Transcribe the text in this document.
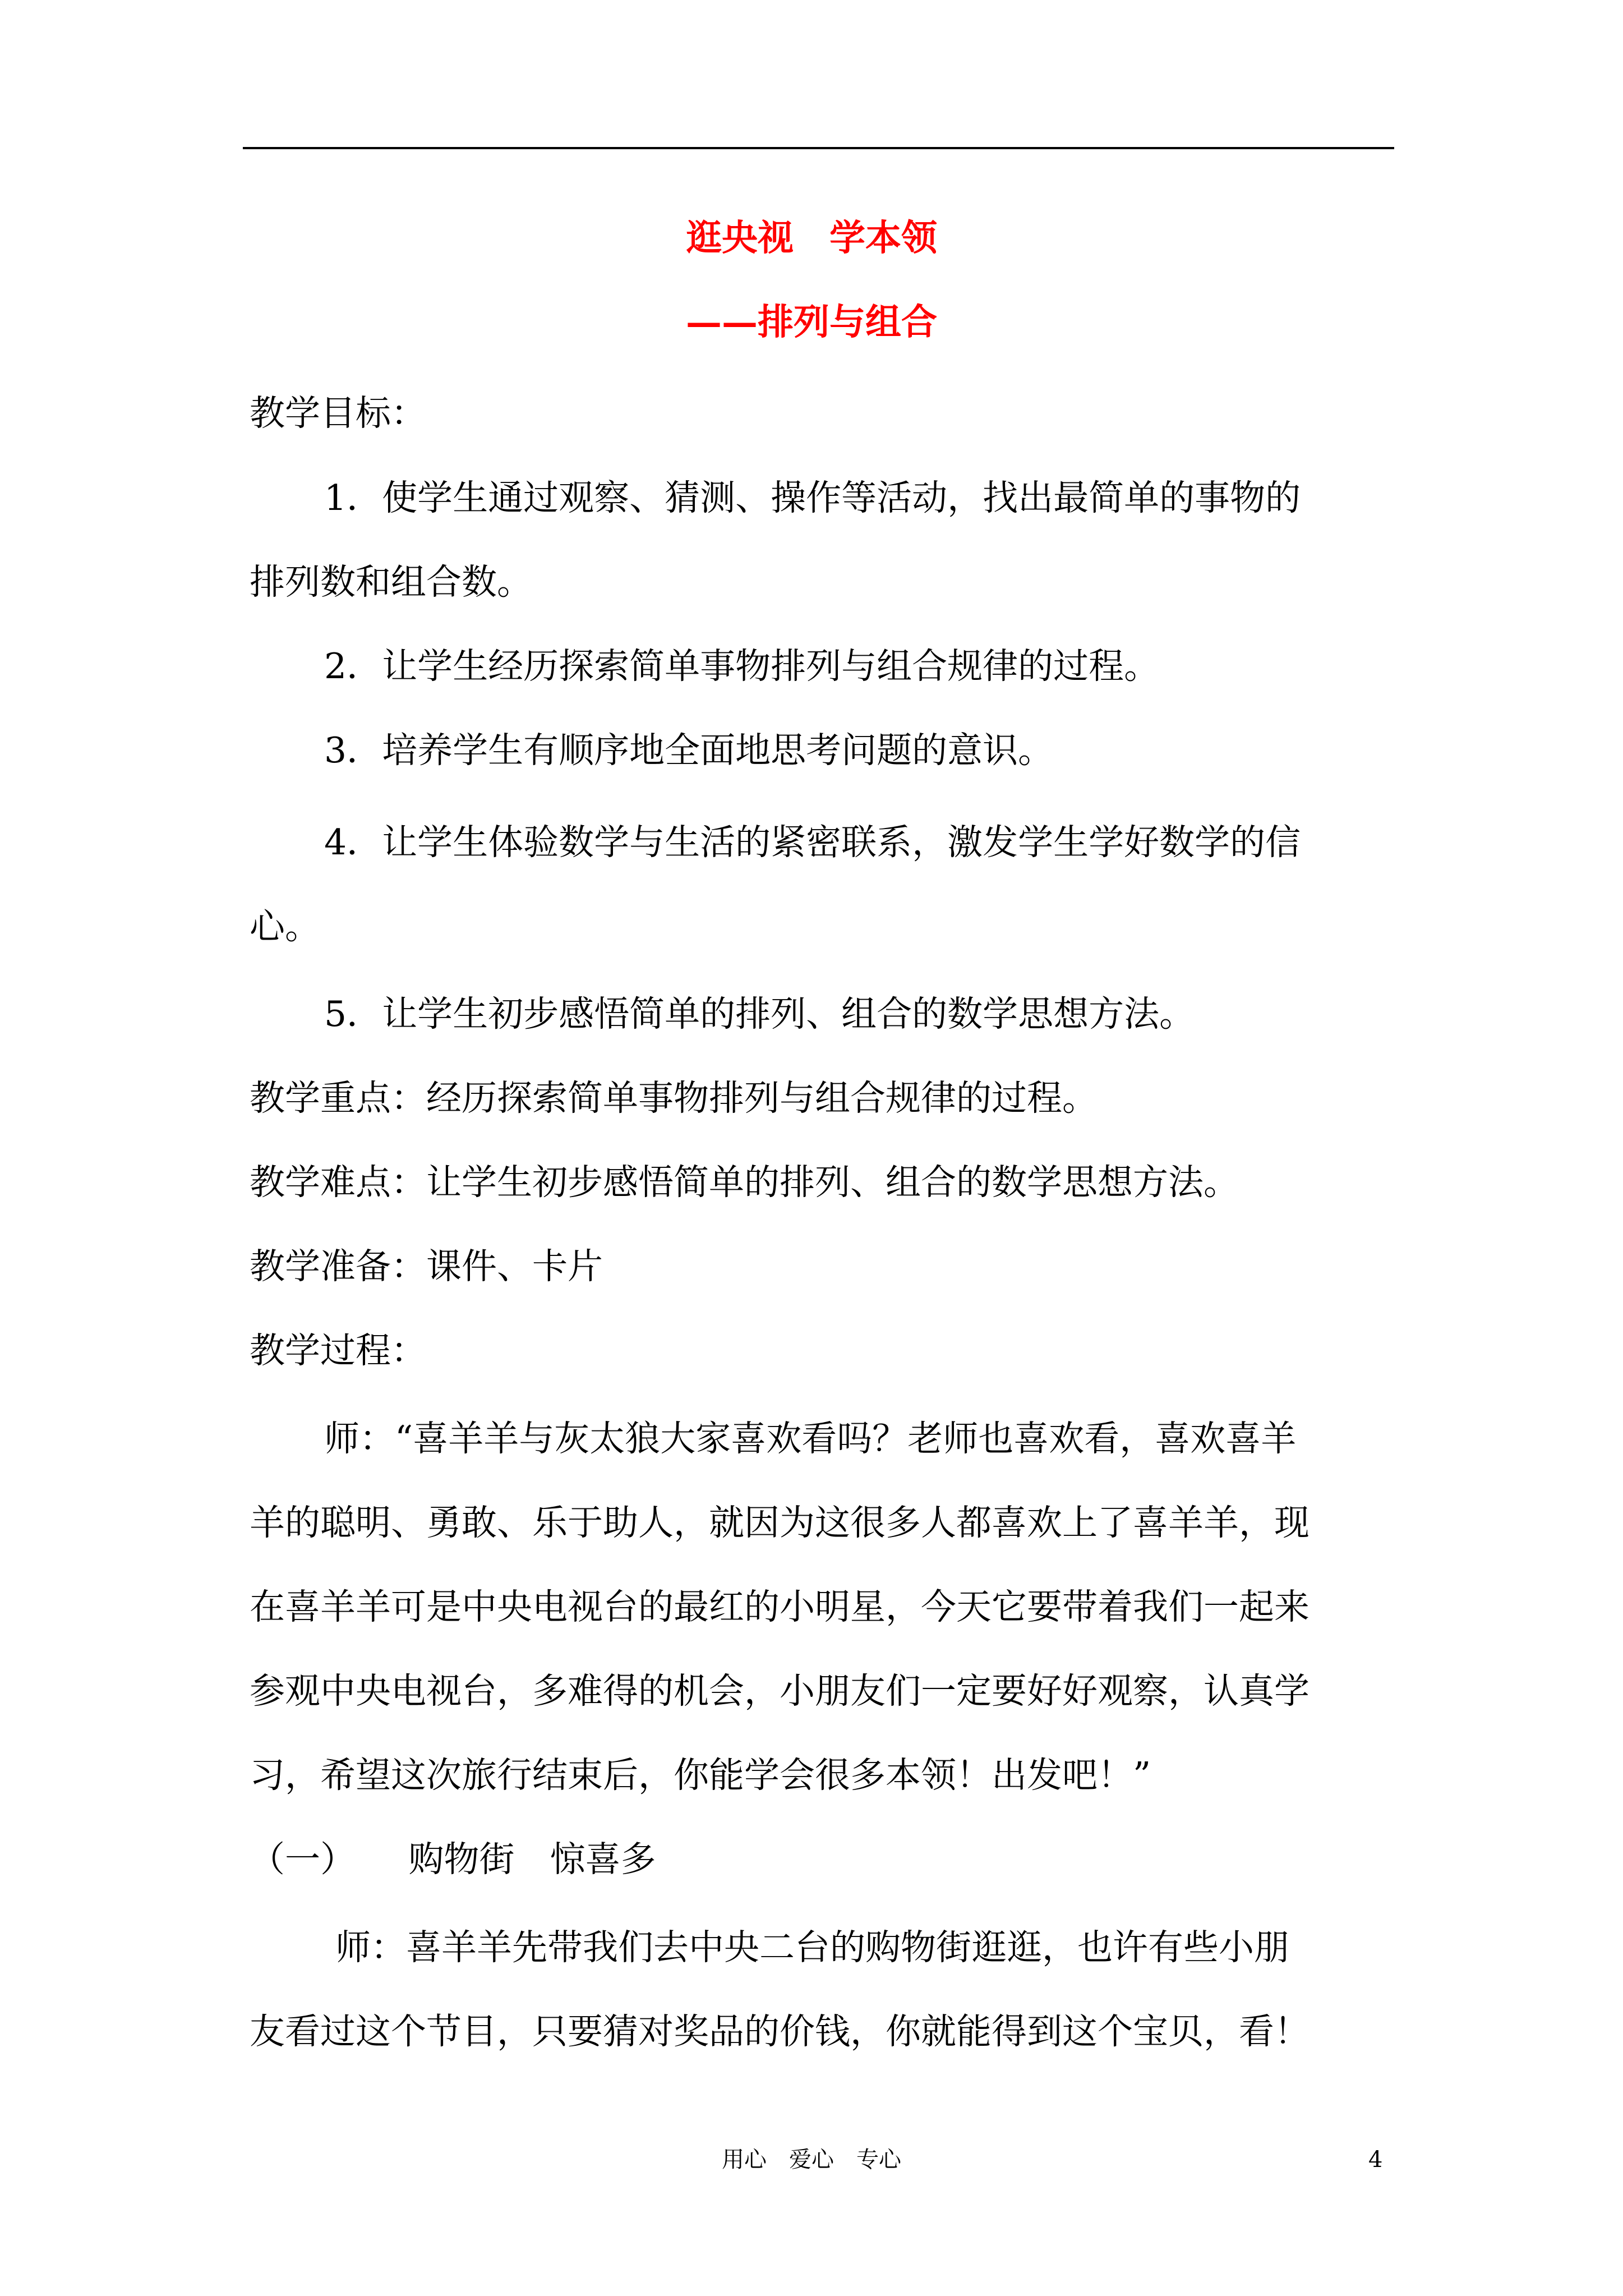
逛央视　学本领
——排列与组合
教学目标：
1．使学生通过观察、猜测、操作等活动，找出最简单的事物的
排列数和组合数。
2．让学生经历探索简单事物排列与组合规律的过程。
3．培养学生有顺序地全面地思考问题的意识。
4．让学生体验数学与生活的紧密联系，激发学生学好数学的信
心。
5．让学生初步感悟简单的排列、组合的数学思想方法。
教学重点：经历探索简单事物排列与组合规律的过程。
教学难点：让学生初步感悟简单的排列、组合的数学思想方法。
教学准备：课件、卡片
教学过程：
师：“喜羊羊与灰太狼大家喜欢看吗？老师也喜欢看，喜欢喜羊
羊的聪明、勇敢、乐于助人，就因为这很多人都喜欢上了喜羊羊，现
在喜羊羊可是中央电视台的最红的小明星，今天它要带着我们一起来
参观中央电视台，多难得的机会，小朋友们一定要好好观察，认真学
习，希望这次旅行结束后，你能学会很多本领！出发吧！”
（一）　　购物街　惊喜多
师：喜羊羊先带我们去中央二台的购物街逛逛，也许有些小朋
友看过这个节目，只要猜对奖品的价钱，你就能得到这个宝贝，看！
用心　爱心　专心	4
